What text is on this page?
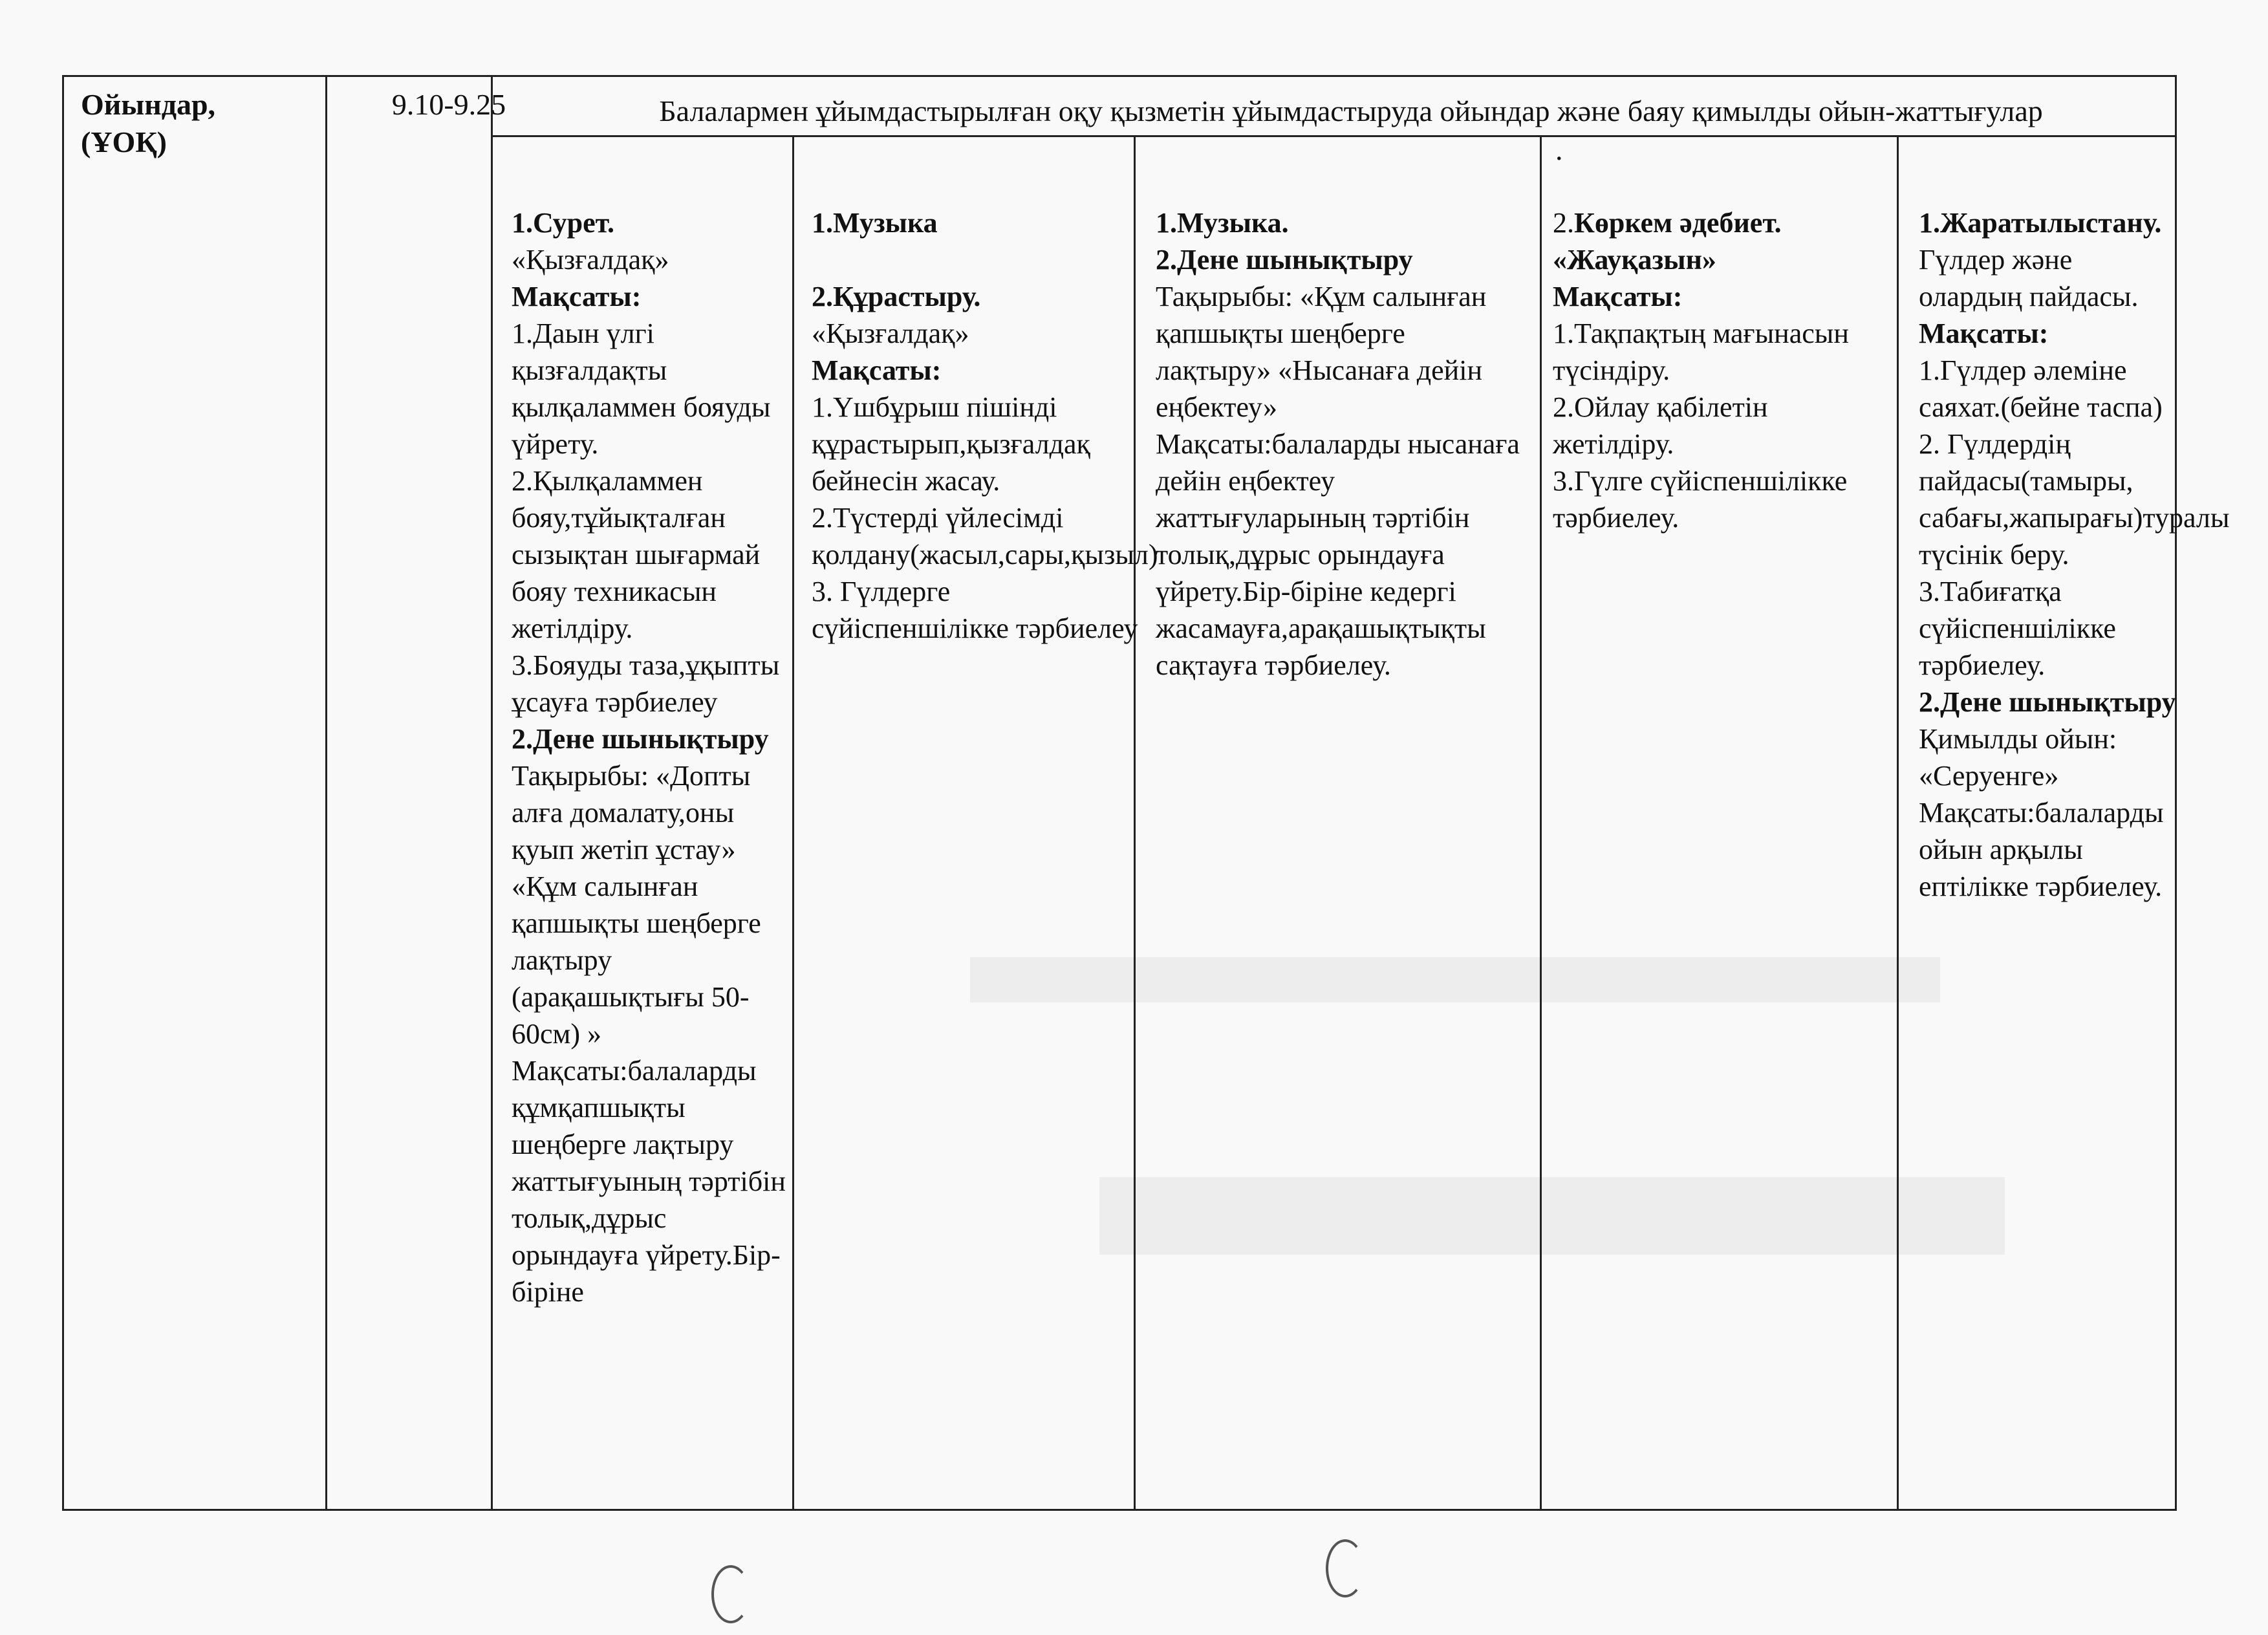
Ойындар,
(ҰОҚ)
9.10-9.25	Балалармен ұйымдастырылған оқу қызметін ұйымдастыруда ойындар және баяу қимылды ойын-жаттығулар
.

1.Сурет.
«Қызғалдақ»
Мақсаты:
1.Даын үлгі қызғалдақты қылқаламмен бояуды үйрету.
2.Қылқаламмен бояу,тұйықталған сызықтан шығармай бояу техникасын жетілдіру.
3.Бояуды таза,ұқыпты ұсауға тәрбиелеу
2.Дене шынықтыру
Тақырыбы: «Допты алға домалату,оны қуып жетіп ұстау» «Құм салынған қапшықты шеңберге лақтыру (арақашықтығы 50-60см) »
Мақсаты:балаларды құмқапшықты шеңберге лақтыру жаттығуының тәртібін толық,дұрыс орындауға үйрету.Бір-біріне

1.Музыка

2.Құрастыру.
«Қызғалдақ»
Мақсаты:
1.Үшбұрыш пішінді құрастырып,қызғалдақ бейнесін жасау.
2.Түстерді үйлесімді қолдану(жасыл,сары,қызыл)
3. Гүлдерге сүйіспеншілікке тәрбиелеу

1.Музыка.
2.Дене шынықтыру
Тақырыбы: «Құм салынған қапшықты шеңберге лақтыру» «Нысанаға дейін еңбектеу»
Мақсаты:балаларды нысанаға дейін еңбектеу жаттығуларының тәртібін толық,дұрыс орындауға үйрету.Бір-біріне кедергі жасамауға,арақашықтықты сақтауға тәрбиелеу.

2.Көркем әдебиет.
«Жауқазын»
Мақсаты:
1.Тақпақтың мағынасын түсіндіру.
2.Ойлау қабілетін жетілдіру.
3.Гүлге сүйіспеншілікке тәрбиелеу.

1.Жаратылыстану.
Гүлдер және олардың пайдасы.
Мақсаты:
1.Гүлдер әлеміне саяхат.(бейне таспа)
2. Гүлдердің пайдасы(тамыры, сабағы,жапырағы)туралы түсінік беру.
3.Табиғатқа сүйіспеншілікке тәрбиелеу.
2.Дене шынықтыру
Қимылды ойын: «Серуенге»
Мақсаты:балаларды ойын арқылы ептілікке тәрбиелеу.
